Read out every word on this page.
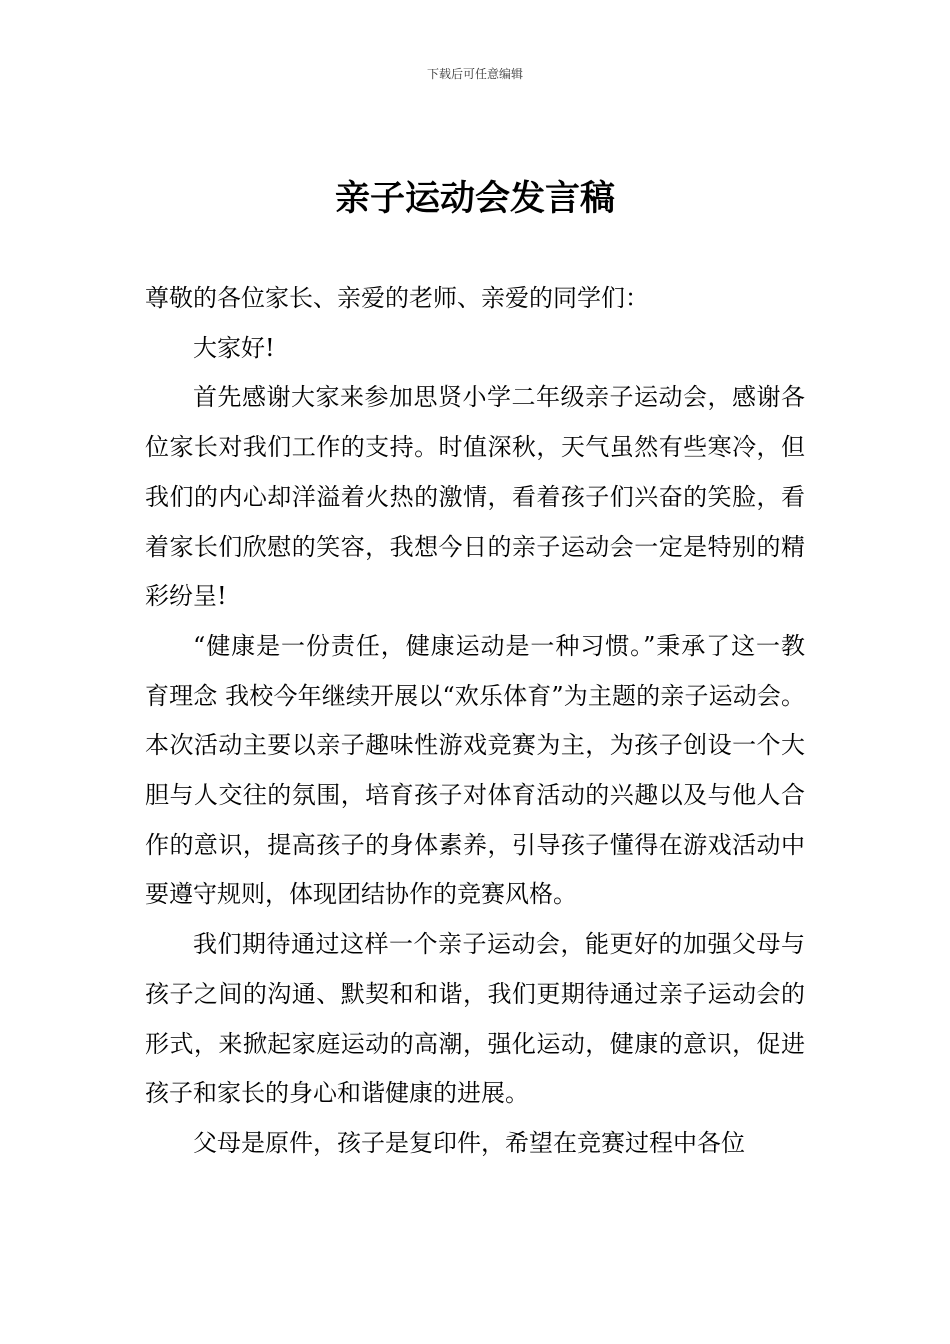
下载后可任意编辑
亲子运动会发言稿

尊敬的各位家长、亲爱的老师、亲爱的同学们：

大家好!

首先感谢大家来参加思贤小学二年级亲子运动会，感谢各位家长对我们工作的支持。时值深秋，天气虽然有些寒冷，但我们的内心却洋溢着火热的激情，看着孩子们兴奋的笑脸，看着家长们欣慰的笑容，我想今日的亲子运动会一定是特别的精彩纷呈!

“健康是一份责任，健康运动是一种习惯。”秉承了这一教育理念 我校今年继续开展以“欢乐体育”为主题的亲子运动会。本次活动主要以亲子趣味性游戏竞赛为主，为孩子创设一个大胆与人交往的氛围，培育孩子对体育活动的兴趣以及与他人合作的意识，提高孩子的身体素养，引导孩子懂得在游戏活动中要遵守规则，体现团结协作的竞赛风格。

我们期待通过这样一个亲子运动会，能更好的加强父母与孩子之间的沟通、默契和和谐，我们更期待通过亲子运动会的形式，来掀起家庭运动的高潮，强化运动，健康的意识，促进孩子和家长的身心和谐健康的进展。

父母是原件，孩子是复印件，希望在竞赛过程中各位
